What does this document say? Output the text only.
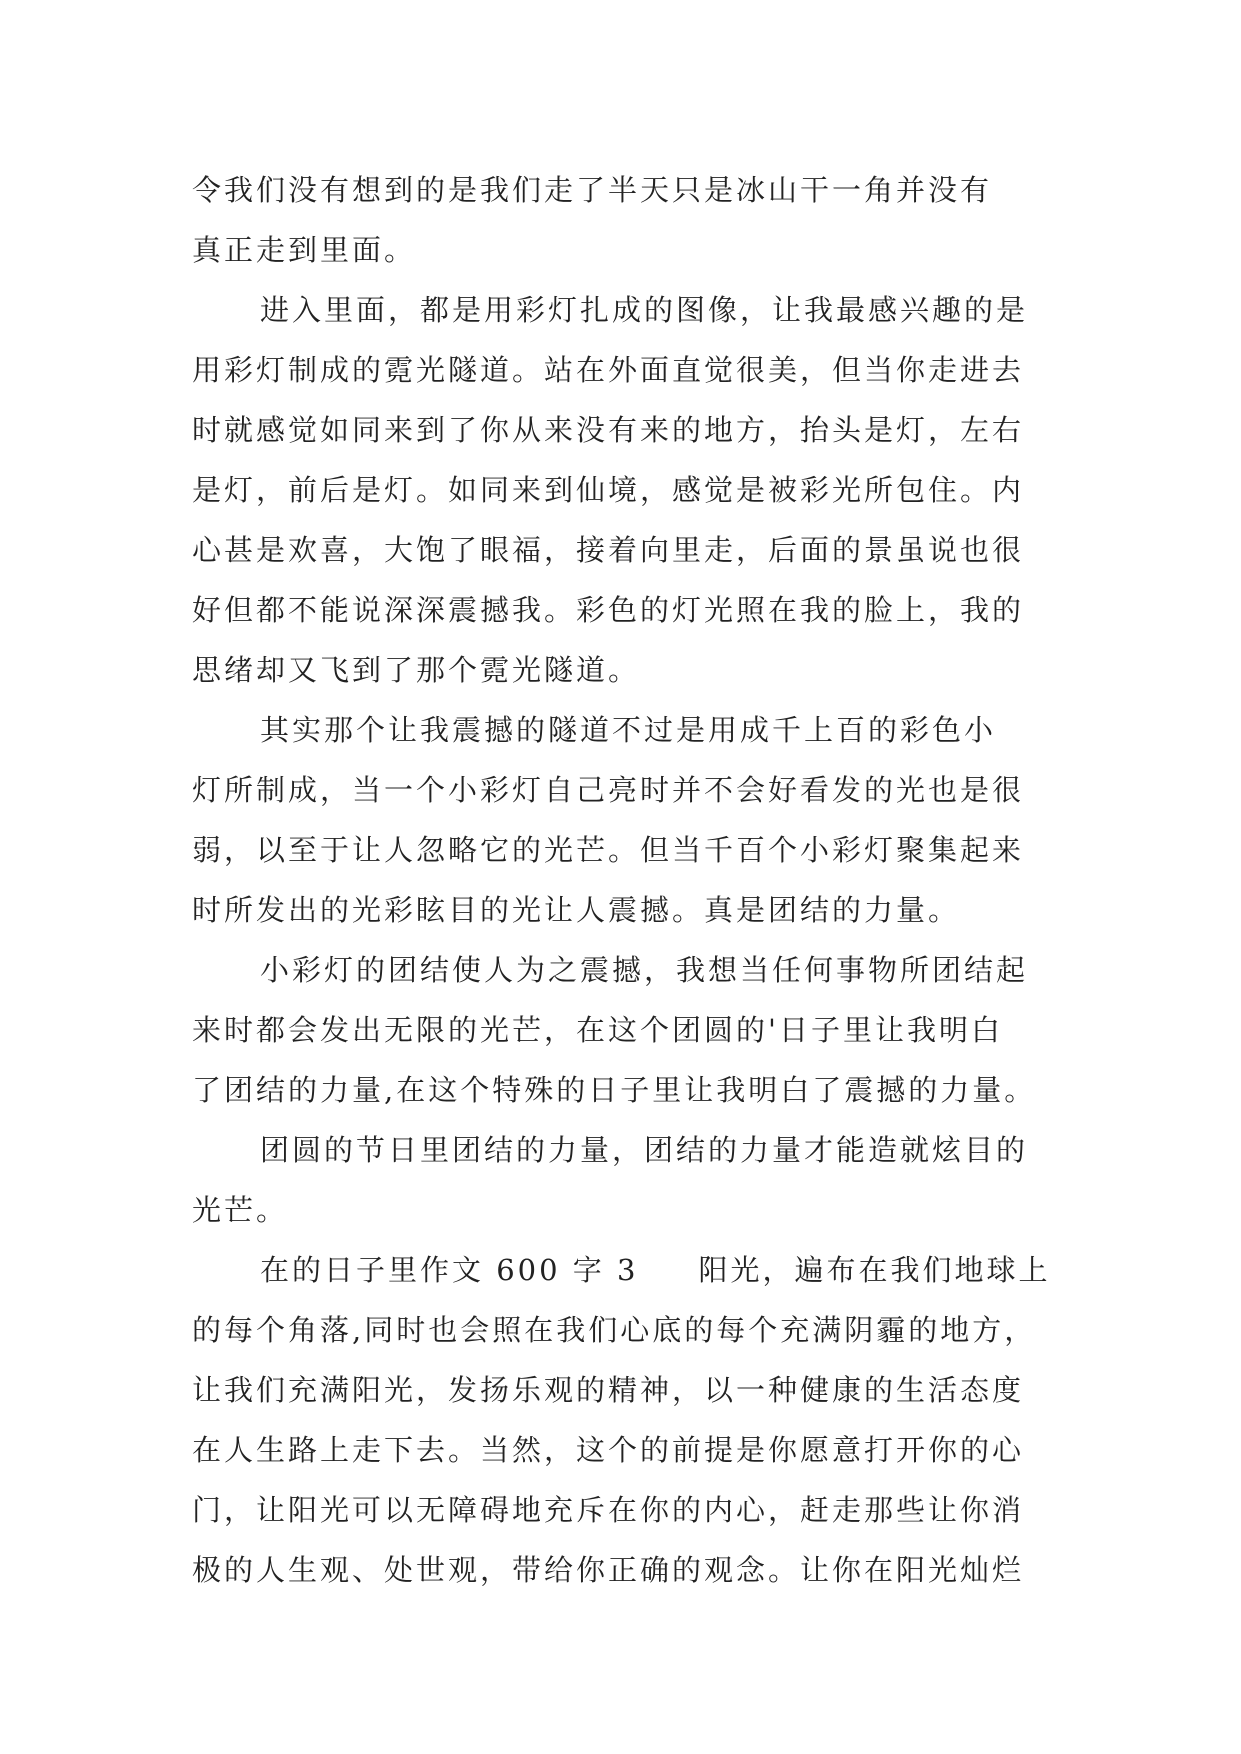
令我们没有想到的是我们走了半天只是冰山干一角并没有
真正走到里面。
进入里面，都是用彩灯扎成的图像，让我最感兴趣的是
用彩灯制成的霓光隧道。站在外面直觉很美，但当你走进去
时就感觉如同来到了你从来没有来的地方，抬头是灯，左右
是灯，前后是灯。如同来到仙境，感觉是被彩光所包住。内
心甚是欢喜，大饱了眼福，接着向里走，后面的景虽说也很
好但都不能说深深震撼我。彩色的灯光照在我的脸上，我的
思绪却又飞到了那个霓光隧道。
其实那个让我震撼的隧道不过是用成千上百的彩色小
灯所制成，当一个小彩灯自己亮时并不会好看发的光也是很
弱，以至于让人忽略它的光芒。但当千百个小彩灯聚集起来
时所发出的光彩眩目的光让人震撼。真是团结的力量。
小彩灯的团结使人为之震撼，我想当任何事物所团结起
来时都会发出无限的光芒，在这个团圆的'日子里让我明白
了团结的力量,在这个特殊的日子里让我明白了震撼的力量。
团圆的节日里团结的力量，团结的力量才能造就炫目的
光芒。
在的日子里作文 600 字 3 阳光，遍布在我们地球上
的每个角落,同时也会照在我们心底的每个充满阴霾的地方，
让我们充满阳光，发扬乐观的精神，以一种健康的生活态度
在人生路上走下去。当然，这个的前提是你愿意打开你的心
门，让阳光可以无障碍地充斥在你的内心，赶走那些让你消
极的人生观、处世观，带给你正确的观念。让你在阳光灿烂
